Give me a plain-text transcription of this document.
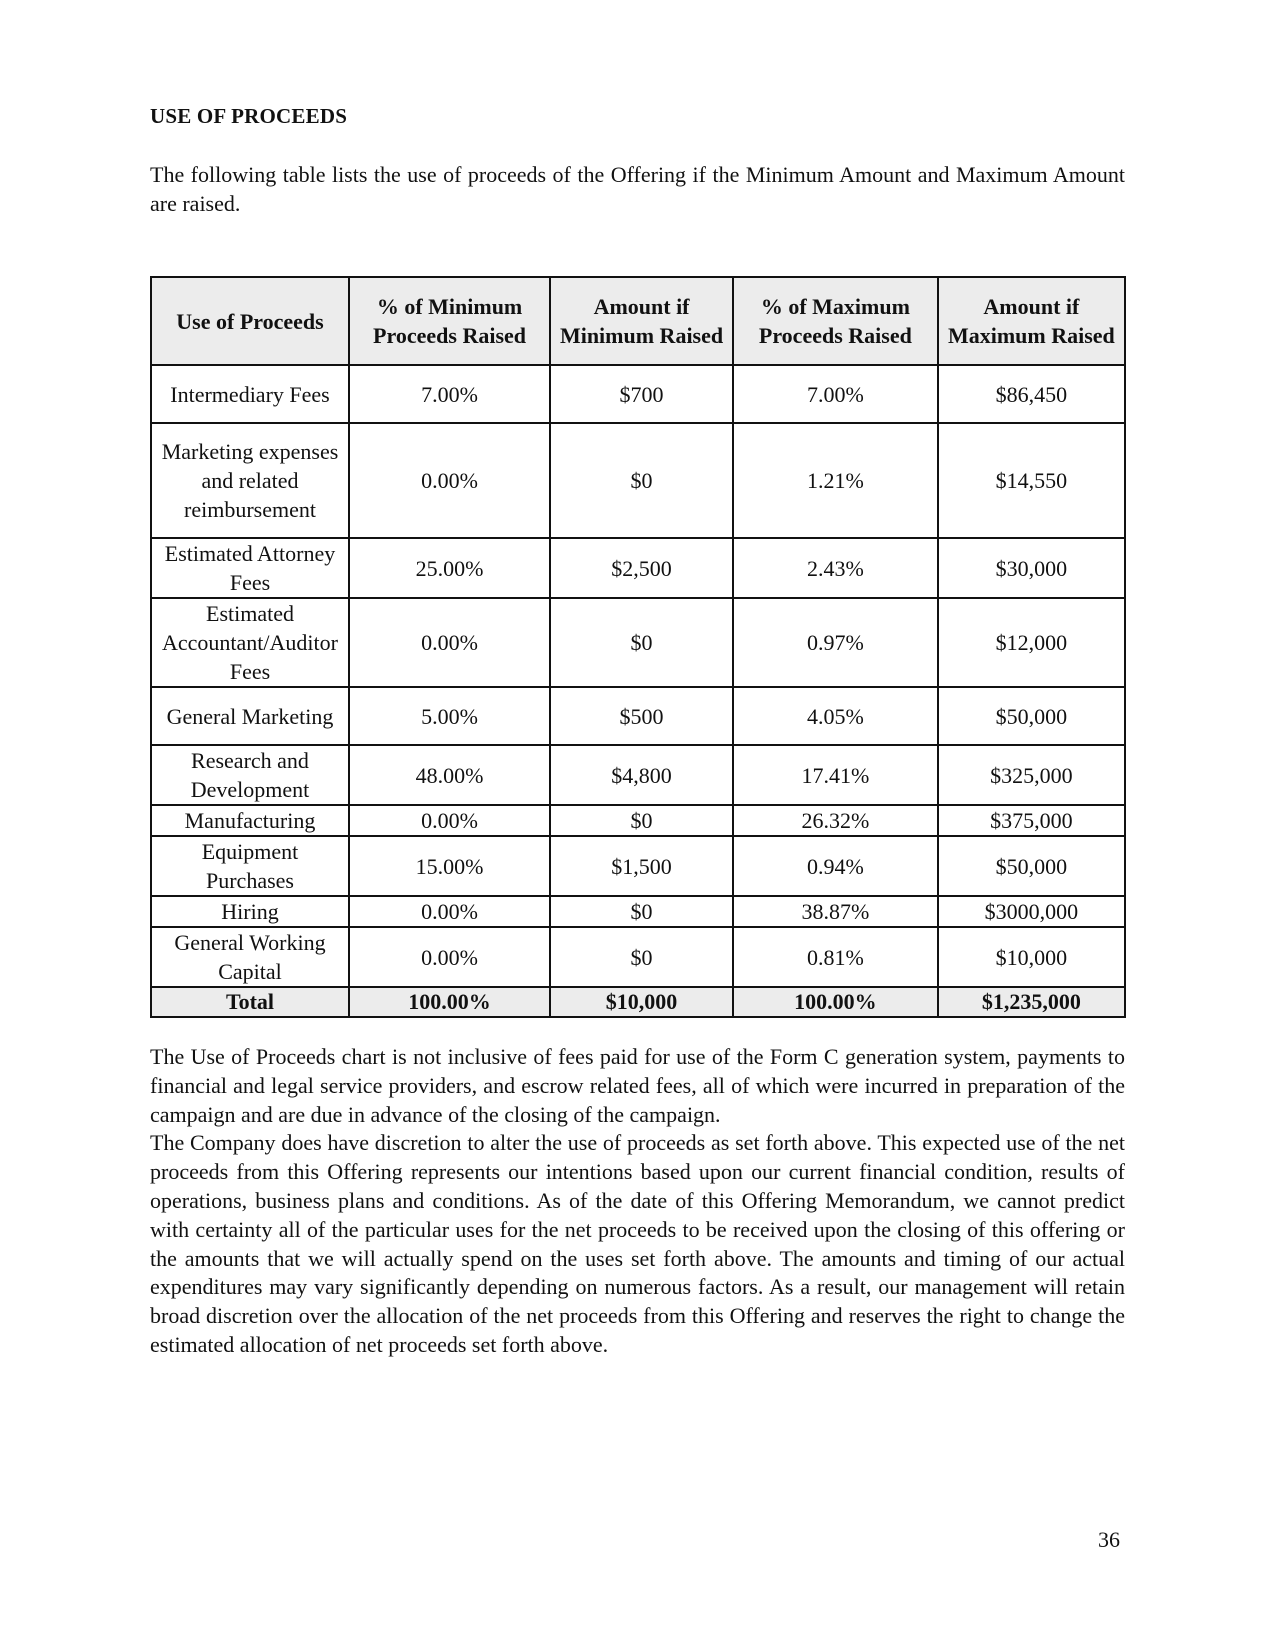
USE OF PROCEEDS
The following table lists the use of proceeds of the Offering if the Minimum Amount and Maximum Amount are raised.
Use of Proceeds	% of Minimum Proceeds Raised	Amount if Minimum Raised	% of Maximum Proceeds Raised	Amount if Maximum Raised
Intermediary Fees	7.00%	$700	7.00%	$86,450
Marketing expenses and related reimbursement	0.00%	$0	1.21%	$14,550
Estimated Attorney Fees	25.00%	$2,500	2.43%	$30,000
Estimated Accountant/Auditor Fees	0.00%	$0	0.97%	$12,000
General Marketing	5.00%	$500	4.05%	$50,000
Research and Development	48.00%	$4,800	17.41%	$325,000
Manufacturing	0.00%	$0	26.32%	$375,000
Equipment Purchases	15.00%	$1,500	0.94%	$50,000
Hiring	0.00%	$0	38.87%	$3000,000
General Working Capital	0.00%	$0	0.81%	$10,000
Total	100.00%	$10,000	100.00%	$1,235,000

The Use of Proceeds chart is not inclusive of fees paid for use of the Form C generation system, payments to financial and legal service providers, and escrow related fees, all of which were incurred in preparation of the campaign and are due in advance of the closing of the campaign.

The Company does have discretion to alter the use of proceeds as set forth above. This expected use of the net proceeds from this Offering represents our intentions based upon our current financial condition, results of operations, business plans and conditions. As of the date of this Offering Memorandum, we cannot predict with certainty all of the particular uses for the net proceeds to be received upon the closing of this offering or the amounts that we will actually spend on the uses set forth above. The amounts and timing of our actual expenditures may vary significantly depending on numerous factors. As a result, our management will retain broad discretion over the allocation of the net proceeds from this Offering and reserves the right to change the estimated allocation of net proceeds set forth above.

36
